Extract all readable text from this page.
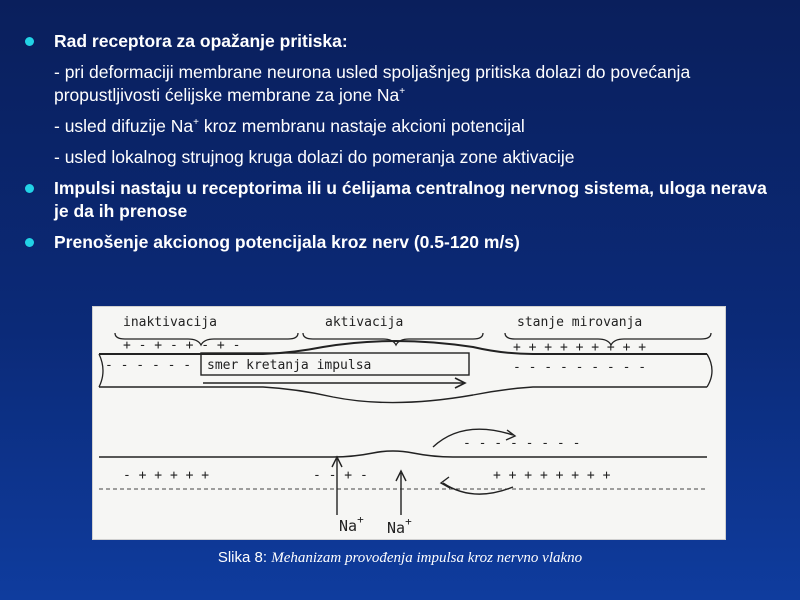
Rad receptora za opažanje pritiska:
- pri deformaciji membrane neurona usled spoljašnjeg pritiska dolazi do povećanja propustljivosti ćelijske membrane za jone Na+
- usled difuzije Na+ kroz membranu nastaje akcioni potencijal
- usled lokalnog strujnog kruga dolazi do pomeranja zone aktivacije
Impulsi nastaju u receptorima ili u ćelijama centralnog nervnog sistema, uloga nerava je da ih prenose
Prenošenje akcionog potencijala kroz nerv (0.5-120 m/s)
inaktivacija	aktivacija	stanje mirovanja
+ - + - + - + -	+ + + + + + + + +
- - - - - -	- - - - - - - - -
smer kretanja impulsa
- + + + + +	- - + -	+ + + + + + + +
- - - - - - - -
Na+ Na+
Slika 8: Mehanizam provođenja impulsa kroz nervno vlakno
